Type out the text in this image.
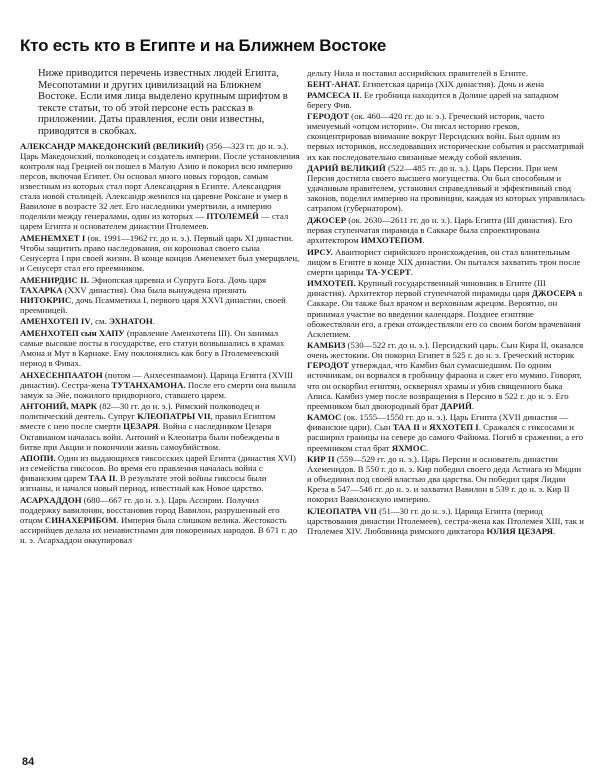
Кто есть кто в Египте и на Ближнем Востоке

Ниже приводится перечень известных людей Египта, Месопотамии и других цивилизаций на Ближнем Востоке. Если имя лица выделено крупным шрифтом в тексте статьи, то об этой персоне есть рассказ в приложении. Даты правления, если они известны, приводятся в скобках.

АЛЕКСАНДР МАКЕДОНСКИЙ (ВЕЛИКИЙ) (356—323 гг. до н. э.). Царь Македонский, полководец и создатель империи. После установления контроля над Грецией он пошел в Малую Азию и покорил всю империю персов, включая Египет. Он основал много новых городов, самым известным из которых стал порт Александрия в Египте. Александрия стала новой столицей. Александр женился на царевне Роксане и умер в Вавилоне в возрасте 32 лет. Его наследники умертвили, а империю поделили между генералами, один из которых — ПТОЛЕМЕЙ — стал царем Египта и основателем династии Птолемеев.

АМЕНЕМХЕТ I (ок. 1991—1962 гг. до н. э.). Первый царь XI династии. Чтобы защитить право наследования, он короновал своего сына Сенусерта I при своей жизни. В конце концов Аменемхет был умерщвлен, и Сенусерт стал его преемником.

АМЕНИРДИС II. Эфиопская царевна и Супруга Бога. Дочь царя ТАХАРКА (XXV династия). Она была вынуждена признать НИТОКРИС, дочь Псамметиха I, первого царя XXVI династии, своей преемницей.

АМЕНХОТЕП IV, см. ЭХНАТОН.

АМЕНХОТЕП сын ХАПУ (правление Аменхотепа III). Он занимал самые высокие посты в государстве, его статуи возвышались в храмах Амона и Мут в Карнаке. Ему поклонялись как богу в Птолемеевский период в Фивах.

АНХЕСЕНПААТОН (потом — Анхесенпаамон). Царица Египта (XVIII династия). Сестра-жена ТУТАНХАМОНА. После его смерти она вышла замуж за Эйе, пожилого придворного, ставшего царем.

АНТОНИЙ, МАРК (82—30 гг. до н. э.). Римский полководец и политический деятель. Супруг КЛЕОПАТРЫ VII, правил Египтом вместе с нею после смерти ЦЕЗАРЯ. Война с наследником Цезаря Октавианом началась войн. Антоний и Клеопатра были побеждены в битве при Акции и покончили жизнь самоубийством.

АПОПИ. Один из выдающихся гиксосских царей Египта (династия XVI) из семейства гиксосов. Во время его правления началась война с фиванским царем ТАА II. В результате этой войны гиксосы были изгнаны, и начался новый период, известный как Новое царство.

АСАРХАДДОН (680—667 гг. до н. э.). Царь Ассирии. Получил поддержку вавилонян, восстановив город Вавилон, разрушенный его отцом СИНАХЕРИБОМ. Империя была слишком велика. Жестокость ассирийцев делала их ненавистными для покоренных народов. В 671 г. до н. э. Асархаддон оккупировал

дельту Нила и поставил ассирийских правителей в Египте.

БЕНТ-АНАТ. Египетская царица (XIX династия). Дочь и жена РАМСЕСА II. Ее гробница находится в Долине царей на западном берегу Фив.

ГЕРОДОТ (ок. 460—420 гг. до н. э.). Греческий историк, часто именуемый «отцом истории». Он писал историю греков, сконцентрировав внимание вокруг Персидских войн. Был одним из первых историков, исследовавших исторические события и рассматривай их как последовательно связанные между собой явления.

ДАРИЙ ВЕЛИКИЙ (522—485 гг. до н. э.). Царь Персии. При нем Персия достигла своего высшего могущества. Он был способным и удачливым правителем, установил справедливый и эффективный свод законов, поделил империю на провинции, каждая из которых управлялась сатрапом (губернатором).

ДЖОСЕР (ок. 2630—2611 гг. до н. э.). Царь Египта (III династия). Его первая ступенчатая пирамида в Саккаре была спроектирована архитектором ИМХОТЕПОМ.

ИРСУ. Авантюрист сирийского происхождения, он стал влиятельным лицом в Египте в конце XIX династии. Он пытался захватить трон после смерти царицы ТА-УСЕРТ.

ИМХОТЕП. Крупный государственный чиновник в Египте (III династия). Архитектор первой ступенчатой пирамиды царя ДЖОСЕРА в Саккаре. Он также был врачом и верховным жрецом. Вероятно, он принимал участие во введении календаря. Позднее египтяне обожествляли его, а греки отождествляли его со своим богом врачевания Асклепием.

КАМБИЗ (530—522 гг. до н. э.). Персидский царь. Сын Кира II, оказался очень жестоким. Он покорил Египет в 525 г. до н. э. Греческий историк ГЕРОДОТ утверждал, что Камбиз был сумасшедшим. По одним источникам, он ворвался в гробницу фараона и сжег его мумию. Говорят, что он оскорбил египтян, осквернял храмы и убив священного быка Аписа. Камбиз умер после возвращения в Персию в 522 г. до н. э. Его преемником был двоюродный брат ДАРИЙ.

КАМОС (ок. 1555—1550 гг. до н. э.). Царь Египта (XVII династия — фиванские цари). Сын ТАА II и ЯХХОТЕП I. Сражался с гиксосами и расширил границы на севере до самого Файюма. Погиб в сражении, а его преемником стал брат ЯХМОС.

КИР II (559—529 гг. до н. э.). Царь Персии и основатель династии Ахеменидов. В 550 г. до н. э. Кир победил своего деда Астиага из Мидии и объединил под своей властью два царства. Он победил царя Лидии Креза в 547—546 гг. до н. э. и захватил Вавилон в 539 г. до н. э. Кир II покорил Вавилонскую империю.

КЛЕОПАТРА VII (51—30 гг. до н. э.). Царица Египта (период царствования династии Птолемеев), сестра-жена как Птолемея XIII, так и Птолемея XIV. Любовница римского диктатора ЮЛИЯ ЦЕЗАРЯ.

84
